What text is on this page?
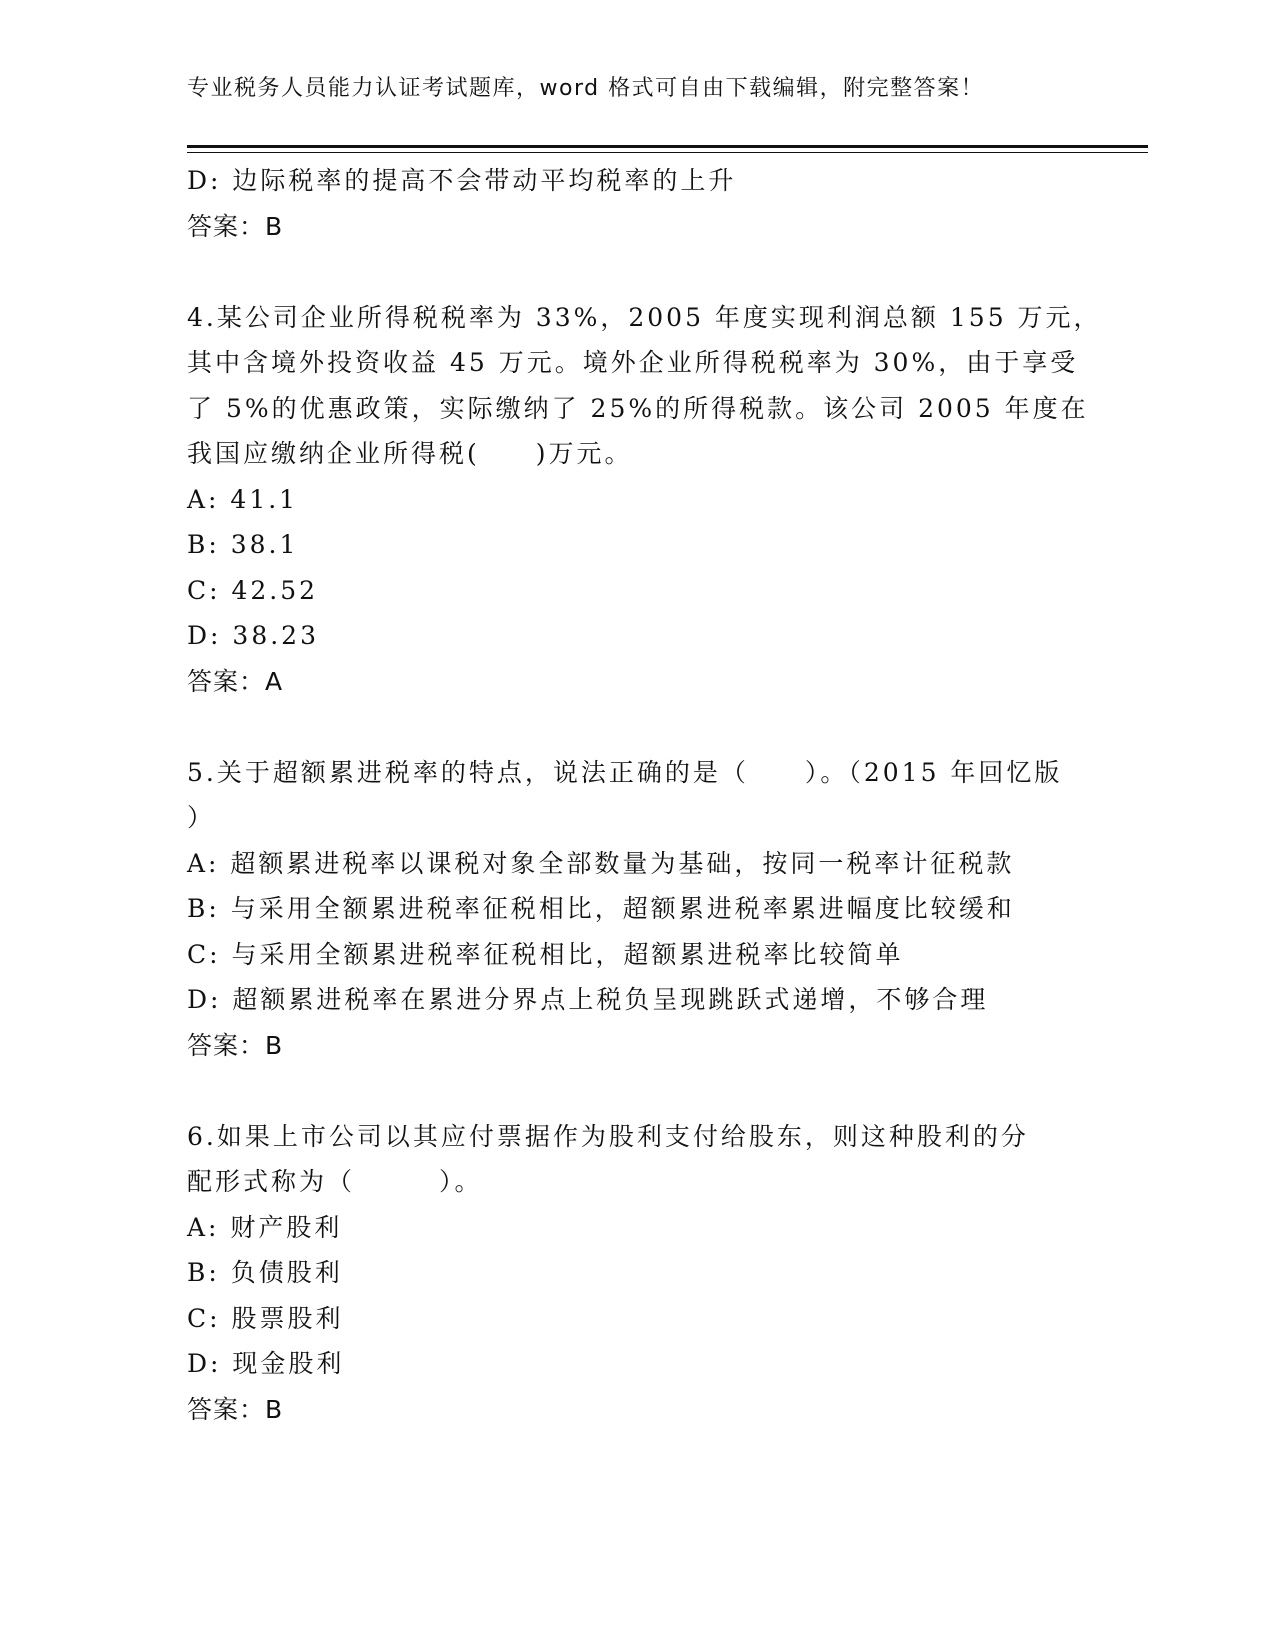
专业税务人员能力认证考试题库，word 格式可自由下载编辑，附完整答案！
D: 边际税率的提高不会带动平均税率的上升
答案：B
4.某公司企业所得税税率为 33%，2005 年度实现利润总额 155 万元，
其中含境外投资收益 45 万元。境外企业所得税税率为 30%，由于享受
了 5%的优惠政策，实际缴纳了 25%的所得税款。该公司 2005 年度在
我国应缴纳企业所得税(　　)万元。
A: 41.1
B: 38.1
C: 42.52
D: 38.23
答案：A
5.关于超额累进税率的特点，说法正确的是（　　）。（2015 年回忆版
）
A: 超额累进税率以课税对象全部数量为基础，按同一税率计征税款
B: 与采用全额累进税率征税相比，超额累进税率累进幅度比较缓和
C: 与采用全额累进税率征税相比，超额累进税率比较简单
D: 超额累进税率在累进分界点上税负呈现跳跃式递增，不够合理
答案：B
6.如果上市公司以其应付票据作为股利支付给股东，则这种股利的分
配形式称为（　　　）。
A: 财产股利
B: 负债股利
C: 股票股利
D: 现金股利
答案：B
